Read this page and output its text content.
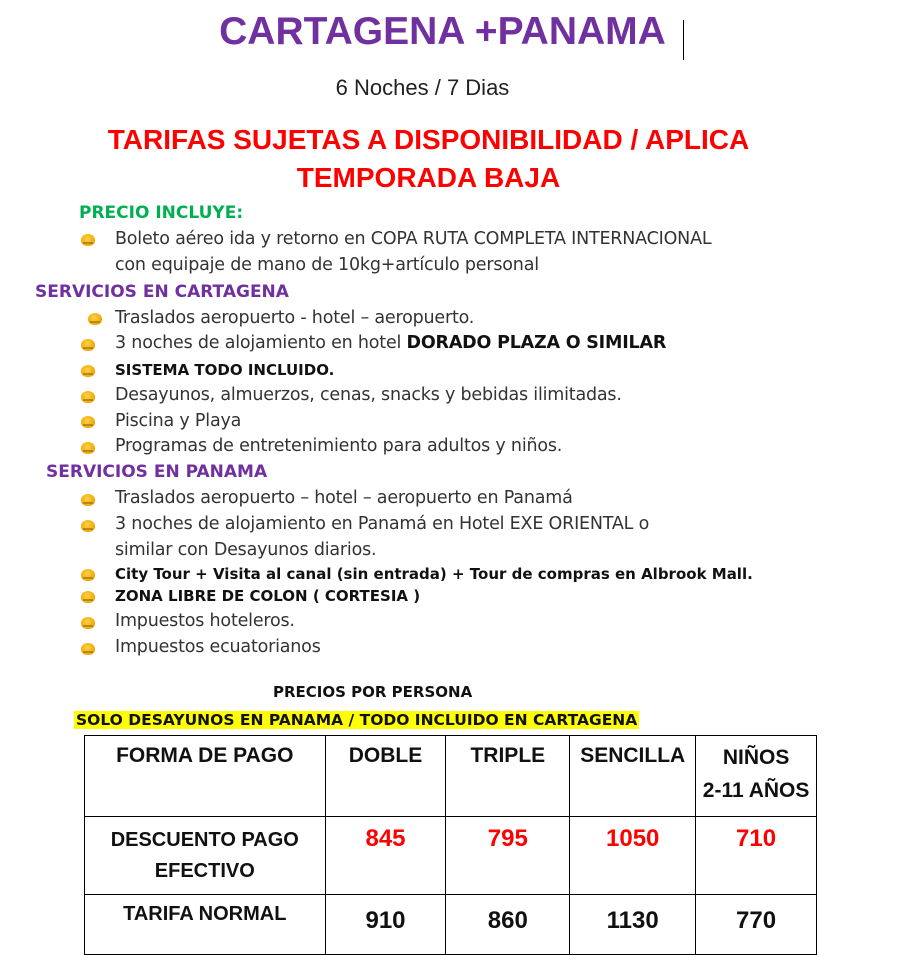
CARTAGENA +PANAMA
6 Noches / 7 Dias
TARIFAS SUJETAS A DISPONIBILIDAD / APLICA
TEMPORADA BAJA
PRECIO INCLUYE:
Boleto aéreo ida y retorno en COPA RUTA COMPLETA INTERNACIONAL
con equipaje de mano de 10kg+artículo personal
SERVICIOS EN CARTAGENA
Traslados aeropuerto - hotel – aeropuerto.
3 noches de alojamiento en hotel DORADO PLAZA O SIMILAR
SISTEMA TODO INCLUIDO.
Desayunos, almuerzos, cenas, snacks y bebidas ilimitadas.
Piscina y Playa
Programas de entretenimiento para adultos y niños.
SERVICIOS EN PANAMA
Traslados aeropuerto – hotel – aeropuerto en Panamá
3 noches de alojamiento en Panamá en Hotel EXE ORIENTAL o
similar con Desayunos diarios.
City Tour + Visita al canal (sin entrada) + Tour de compras en Albrook Mall.
ZONA LIBRE DE COLON ( CORTESIA )
Impuestos hoteleros.
Impuestos ecuatorianos
PRECIOS POR PERSONA
SOLO DESAYUNOS EN PANAMA / TODO INCLUIDO EN CARTAGENA
FORMA DE PAGO	DOBLE	TRIPLE	SENCILLA	NIÑOS
2-11 AÑOS

DESCUENTO PAGO
EFECTIVO	845	795	1050	710
TARIFA NORMAL	910	860	1130	770
